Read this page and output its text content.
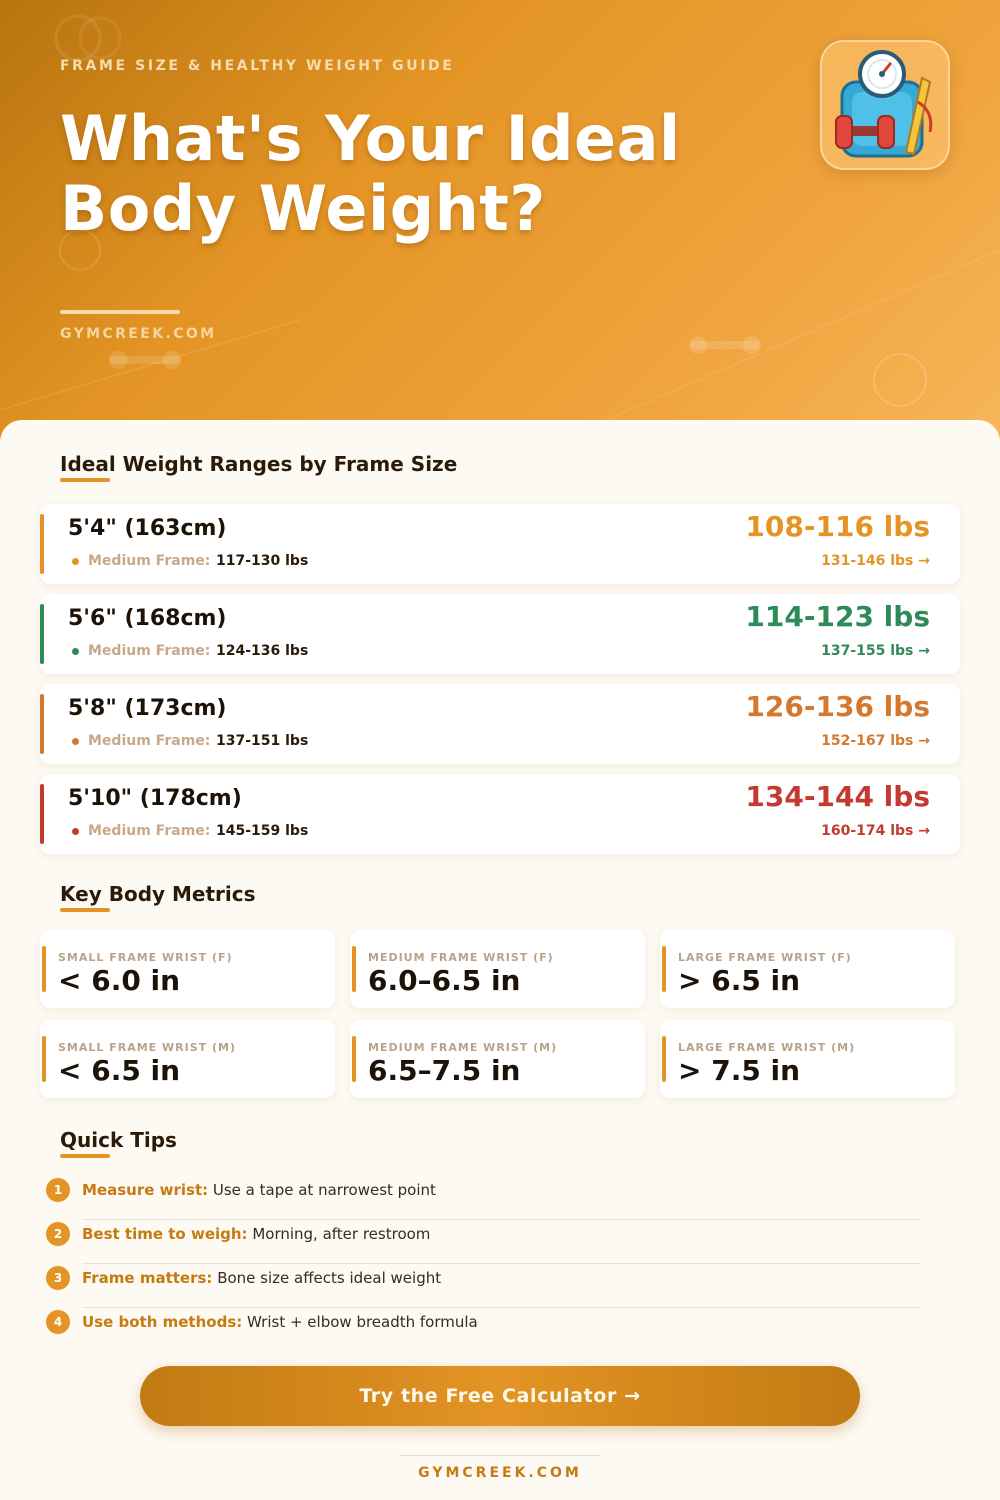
FRAME SIZE & HEALTHY WEIGHT GUIDE
What's Your Ideal
Body Weight?
GYMCREEK.COM
Ideal Weight Ranges by Frame Size
5'4" (163cm)
Medium Frame: 117-130 lbs
108-116 lbs
131-146 lbs →
5'6" (168cm)
Medium Frame: 124-136 lbs
114-123 lbs
137-155 lbs →
5'8" (173cm)
Medium Frame: 137-151 lbs
126-136 lbs
152-167 lbs →
5'10" (178cm)
Medium Frame: 145-159 lbs
134-144 lbs
160-174 lbs →
Key Body Metrics
SMALL FRAME WRIST (F)
< 6.0 in
MEDIUM FRAME WRIST (F)
6.0–6.5 in
LARGE FRAME WRIST (F)
> 6.5 in
SMALL FRAME WRIST (M)
< 6.5 in
MEDIUM FRAME WRIST (M)
6.5–7.5 in
LARGE FRAME WRIST (M)
> 7.5 in
Quick Tips
1	Measure wrist: Use a tape at narrowest point
2	Best time to weigh: Morning, after restroom
3	Frame matters: Bone size affects ideal weight
4	Use both methods: Wrist + elbow breadth formula
Try the Free Calculator →
GYMCREEK.COM
